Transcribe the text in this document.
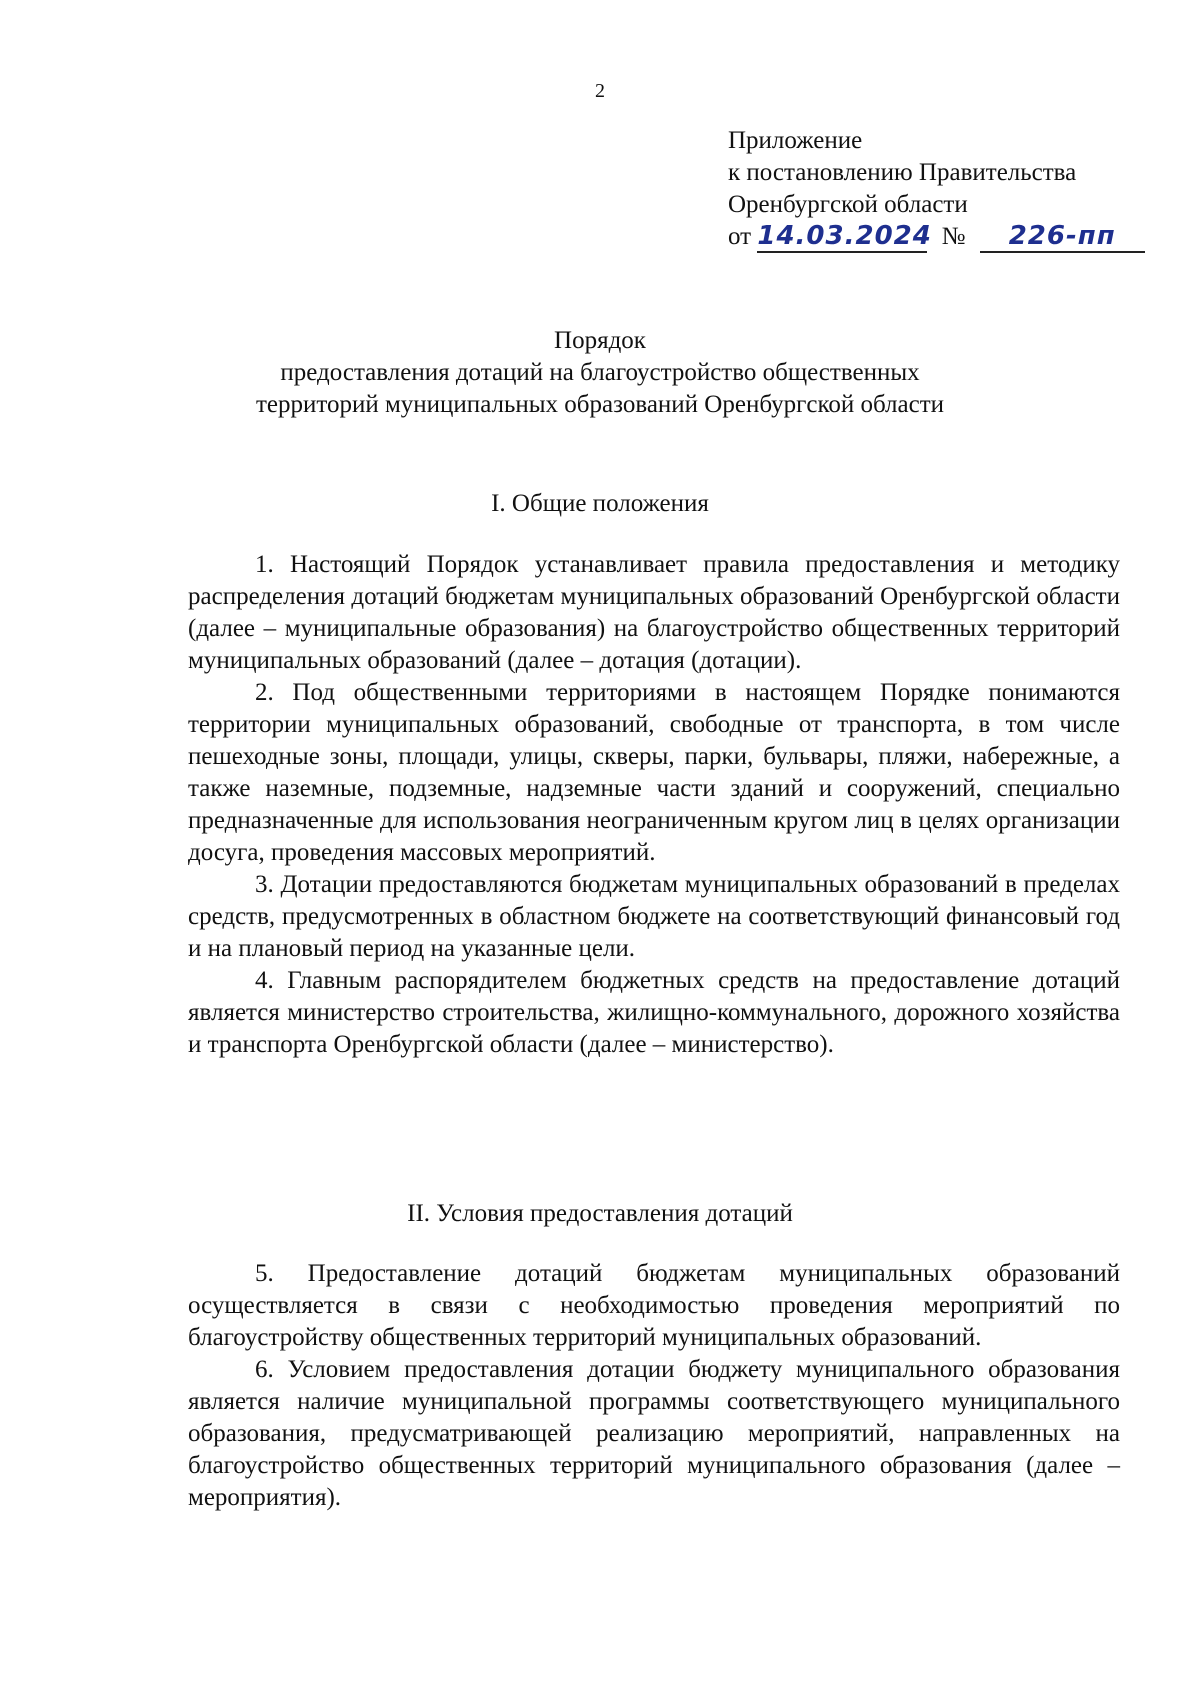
2
Приложение
к постановлению Правительства
Оренбургской области
от 14.03.2024 № 226-пп
Порядок
предоставления дотаций на благоустройство общественных
территорий муниципальных образований Оренбургской области
I. Общие положения

1. Настоящий Порядок устанавливает правила предоставления и методику распределения дотаций бюджетам муниципальных образований Оренбургской области (далее – муниципальные образования) на благоустройство общественных территорий муниципальных образований (далее – дотация (дотации).

2. Под общественными территориями в настоящем Порядке понимаются территории муниципальных образований, свободные от транспорта, в том числе пешеходные зоны, площади, улицы, скверы, парки, бульвары, пляжи, набережные, а также наземные, подземные, надземные части зданий и сооружений, специально предназначенные для использования неограниченным кругом лиц в целях организации досуга, проведения массовых мероприятий.

3. Дотации предоставляются бюджетам муниципальных образований в пределах средств, предусмотренных в областном бюджете на соответствующий финансовый год и на плановый период на указанные цели.

4. Главным распорядителем бюджетных средств на предоставление дотаций является министерство строительства, жилищно-коммунального, дорожного хозяйства и транспорта Оренбургской области (далее – министерство).

II. Условия предоставления дотаций

5. Предоставление дотаций бюджетам муниципальных образований осуществляется в связи с необходимостью проведения мероприятий по благоустройству общественных территорий муниципальных образований.

6. Условием предоставления дотации бюджету муниципального образования является наличие муниципальной программы соответствующего муниципального образования, предусматривающей реализацию мероприятий, направленных на благоустройство общественных территорий муниципального образования (далее – мероприятия).
